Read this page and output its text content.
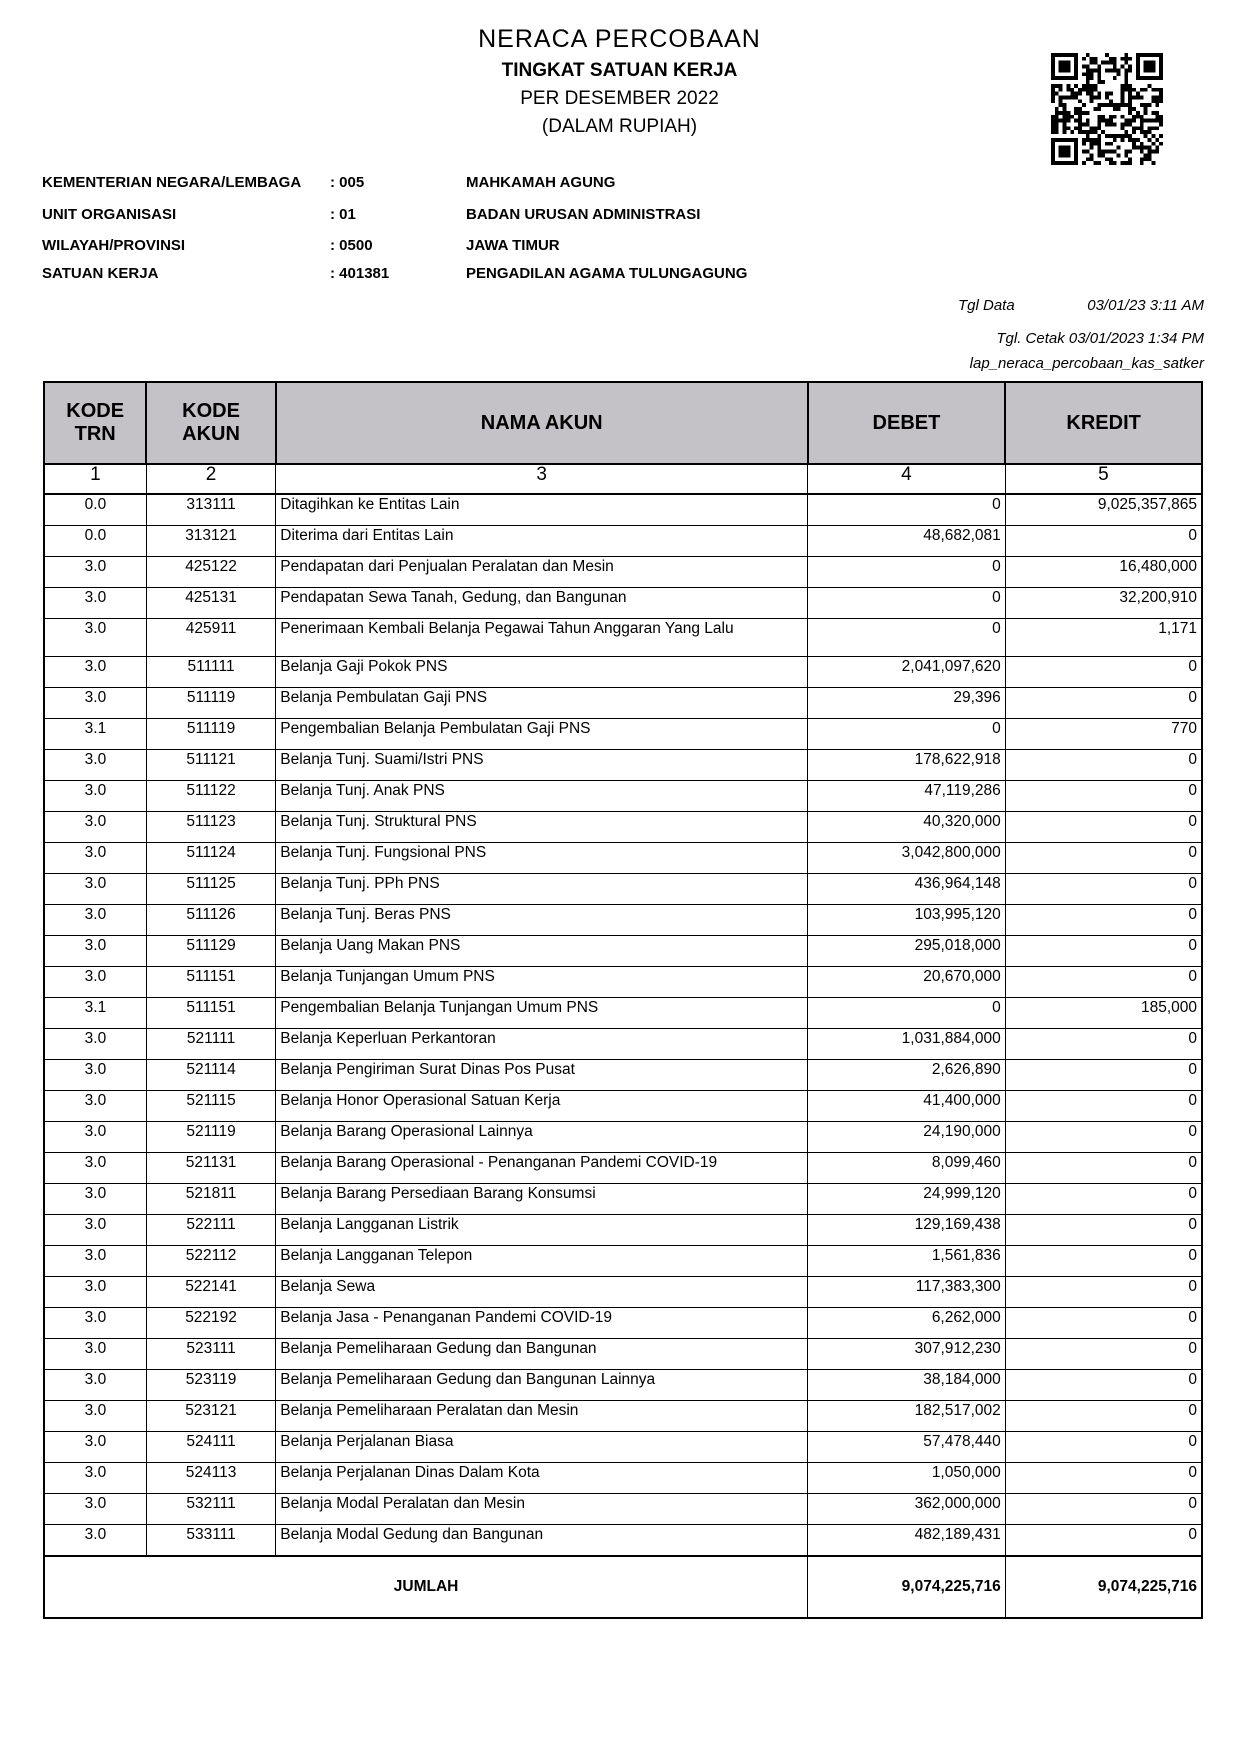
NERACA PERCOBAAN
TINGKAT SATUAN KERJA
PER DESEMBER 2022
(DALAM RUPIAH)
KEMENTERIAN NEGARA/LEMBAGA : 005	MAHKAMAH AGUNG
UNIT ORGANISASI	: 01	BADAN URUSAN ADMINISTRASI
WILAYAH/PROVINSI	: 0500	JAWA TIMUR
SATUAN KERJA	: 401381	PENGADILAN AGAMA TULUNGAGUNG
Tgl Data	03/01/23 3:11 AM
Tgl. Cetak 03/01/2023 1:34 PM
lap_neraca_percobaan_kas_satker
KODE
TRN	KODE
AKUN	NAMA AKUN	DEBET	KREDIT
1	2	3	4	5
0.0	313111	Ditagihkan ke Entitas Lain	0	9,025,357,865
0.0	313121	Diterima dari Entitas Lain	48,682,081	0
3.0	425122	Pendapatan dari Penjualan Peralatan dan Mesin	0	16,480,000
3.0	425131	Pendapatan Sewa Tanah, Gedung, dan Bangunan	0	32,200,910
3.0	425911	Penerimaan Kembali Belanja Pegawai Tahun Anggaran Yang Lalu	0	1,171
3.0	511111	Belanja Gaji Pokok PNS	2,041,097,620	0
3.0	511119	Belanja Pembulatan Gaji PNS	29,396	0
3.1	511119	Pengembalian Belanja Pembulatan Gaji PNS	0	770
3.0	511121	Belanja Tunj. Suami/Istri PNS	178,622,918	0
3.0	511122	Belanja Tunj. Anak PNS	47,119,286	0
3.0	511123	Belanja Tunj. Struktural PNS	40,320,000	0
3.0	511124	Belanja Tunj. Fungsional PNS	3,042,800,000	0
3.0	511125	Belanja Tunj. PPh PNS	436,964,148	0
3.0	511126	Belanja Tunj. Beras PNS	103,995,120	0
3.0	511129	Belanja Uang Makan PNS	295,018,000	0
3.0	511151	Belanja Tunjangan Umum PNS	20,670,000	0
3.1	511151	Pengembalian Belanja Tunjangan Umum PNS	0	185,000
3.0	521111	Belanja Keperluan Perkantoran	1,031,884,000	0
3.0	521114	Belanja Pengiriman Surat Dinas Pos Pusat	2,626,890	0
3.0	521115	Belanja Honor Operasional Satuan Kerja	41,400,000	0
3.0	521119	Belanja Barang Operasional Lainnya	24,190,000	0
3.0	521131	Belanja Barang Operasional - Penanganan Pandemi COVID-19	8,099,460	0
3.0	521811	Belanja Barang Persediaan Barang Konsumsi	24,999,120	0
3.0	522111	Belanja Langganan Listrik	129,169,438	0
3.0	522112	Belanja Langganan Telepon	1,561,836	0
3.0	522141	Belanja Sewa	117,383,300	0
3.0	522192	Belanja Jasa - Penanganan Pandemi COVID-19	6,262,000	0
3.0	523111	Belanja Pemeliharaan Gedung dan Bangunan	307,912,230	0
3.0	523119	Belanja Pemeliharaan Gedung dan Bangunan Lainnya	38,184,000	0
3.0	523121	Belanja Pemeliharaan Peralatan dan Mesin	182,517,002	0
3.0	524111	Belanja Perjalanan Biasa	57,478,440	0
3.0	524113	Belanja Perjalanan Dinas Dalam Kota	1,050,000	0
3.0	532111	Belanja Modal Peralatan dan Mesin	362,000,000	0
3.0	533111	Belanja Modal Gedung dan Bangunan	482,189,431	0
JUMLAH			9,074,225,716	9,074,225,716
